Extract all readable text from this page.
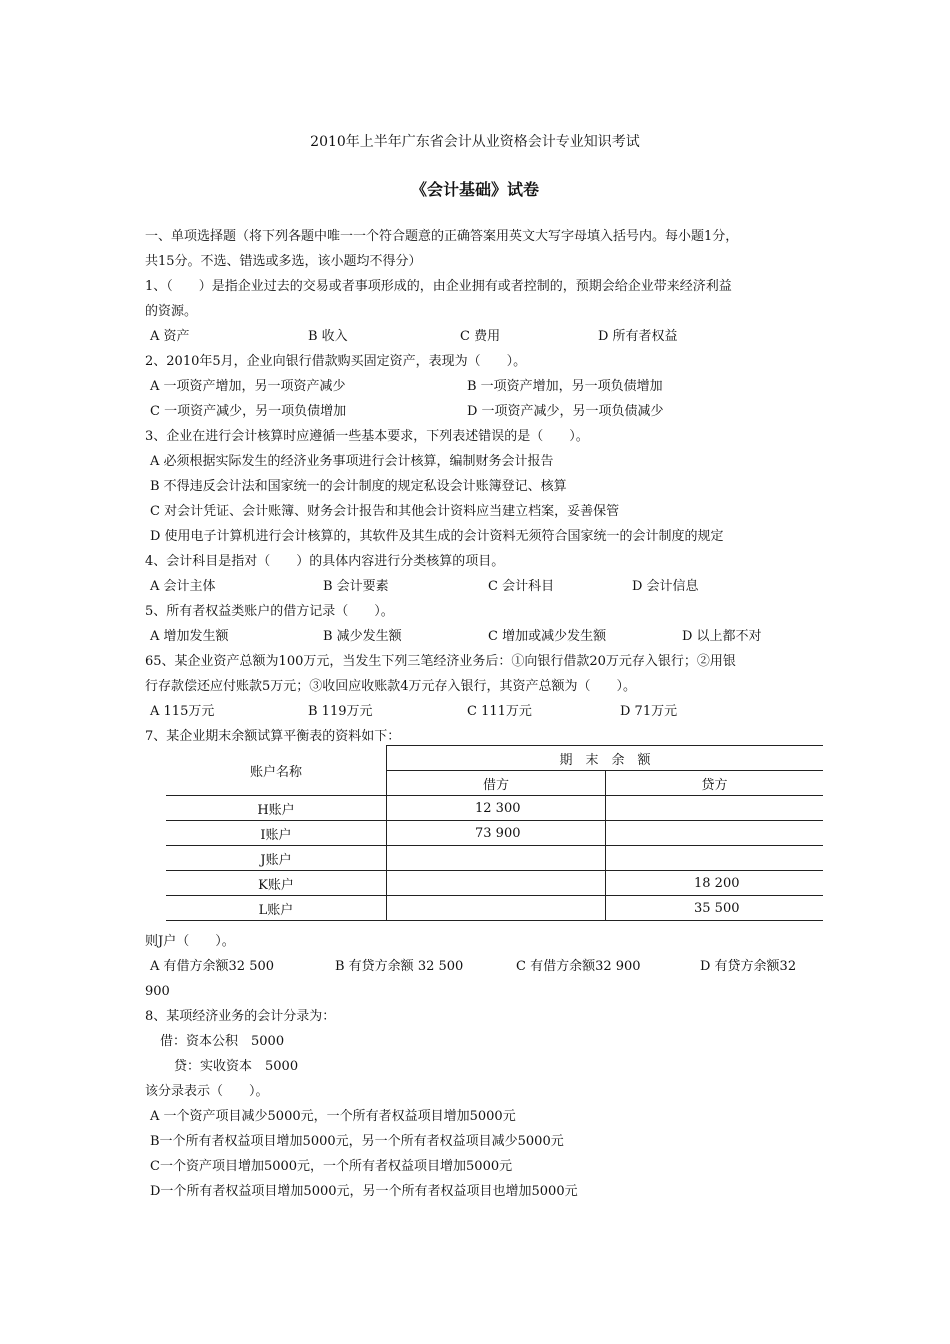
2010年上半年广东省会计从业资格会计专业知识考试
《会计基础》试卷
一、单项选择题（将下列各题中唯一一个符合题意的正确答案用英文大写字母填入括号内。每小题1分，
共15分。不选、错选或多选，该小题均不得分）
1、（　　）是指企业过去的交易或者事项形成的，由企业拥有或者控制的，预期会给企业带来经济利益
的资源。
A 资产	B 收入	C 费用	D 所有者权益
2、2010年5月，企业向银行借款购买固定资产，表现为（　　）。
A 一项资产增加，另一项资产减少	B 一项资产增加，另一项负债增加
C 一项资产减少，另一项负债增加	D 一项资产减少，另一项负债减少
3、企业在进行会计核算时应遵循一些基本要求，下列表述错误的是（　　）。
A 必须根据实际发生的经济业务事项进行会计核算，编制财务会计报告
B 不得违反会计法和国家统一的会计制度的规定私设会计账簿登记、核算
C 对会计凭证、会计账簿、财务会计报告和其他会计资料应当建立档案，妥善保管
D 使用电子计算机进行会计核算的，其软件及其生成的会计资料无须符合国家统一的会计制度的规定
4、会计科目是指对（　　）的具体内容进行分类核算的项目。
A 会计主体	B 会计要素	C 会计科目	D 会计信息
5、所有者权益类账户的借方记录（　　）。
A 增加发生额	B 减少发生额	C 增加或减少发生额	D 以上都不对
65、某企业资产总额为100万元，当发生下列三笔经济业务后：①向银行借款20万元存入银行；②用银
行存款偿还应付账款5万元；③收回应收账款4万元存入银行，其资产总额为（　　）。
A 115万元	B 119万元	C 111万元	D 71万元
7、某企业期末余额试算平衡表的资料如下：
账户名称	期　末　余　额	
	借方	贷方
H账户	12 300	
I账户	73 900	
J账户		
K账户		18 200
L账户		35 500
则J户（　　）。
A 有借方余额32 500	B 有贷方余额 32 500	C 有借方余额32 900	D 有贷方余额32
900
8、某项经济业务的会计分录为：
借：资本公积　5000
贷：实收资本　5000
该分录表示（　　）。
A 一个资产项目减少5000元，一个所有者权益项目增加5000元
B一个所有者权益项目增加5000元，另一个所有者权益项目减少5000元
C一个资产项目增加5000元，一个所有者权益项目增加5000元
D一个所有者权益项目增加5000元，另一个所有者权益项目也增加5000元
